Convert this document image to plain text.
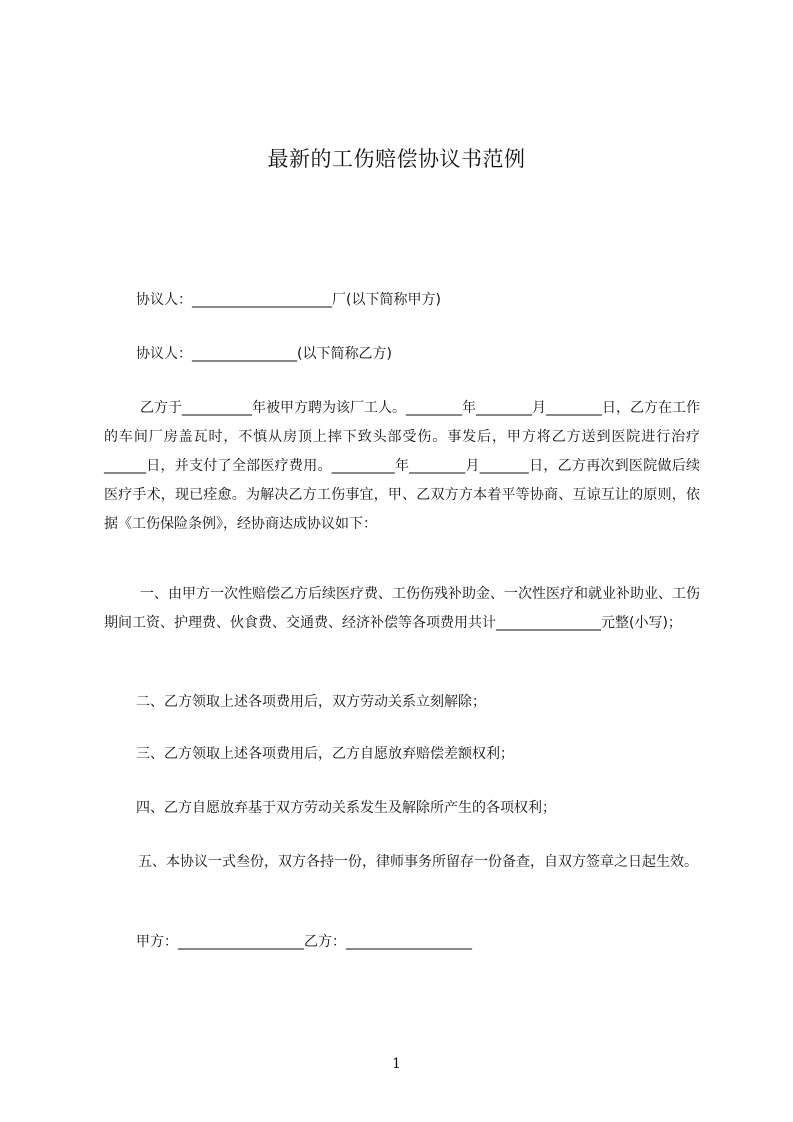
最新的工伤赔偿协议书范例

协议人：____________________厂(以下简称甲方)

协议人：_______________(以下简称乙方)

乙方于__________年被甲方聘为该厂工人。________年________月________日，乙方在工作的车间厂房盖瓦时，不慎从房顶上摔下致头部受伤。事发后，甲方将乙方送到医院进行治疗______日，并支付了全部医疗费用。_________年________月_______日，乙方再次到医院做后续医疗手术，现已痊愈。为解决乙方工伤事宜，甲、乙双方方本着平等协商、互谅互让的原则，依据《工伤保险条例》，经协商达成协议如下：

一、由甲方一次性赔偿乙方后续医疗费、工伤伤残补助金、一次性医疗和就业补助业、工伤期间工资、护理费、伙食费、交通费、经济补偿等各项费用共计_______________元整(小写)；

二、乙方领取上述各项费用后，双方劳动关系立刻解除；

三、乙方领取上述各项费用后，乙方自愿放弃赔偿差额权利；

四、乙方自愿放弃基于双方劳动关系发生及解除所产生的各项权利；

五、本协议一式叁份，双方各持一份，律师事务所留存一份备查，自双方签章之日起生效。

甲方：__________________乙方：__________________

1
